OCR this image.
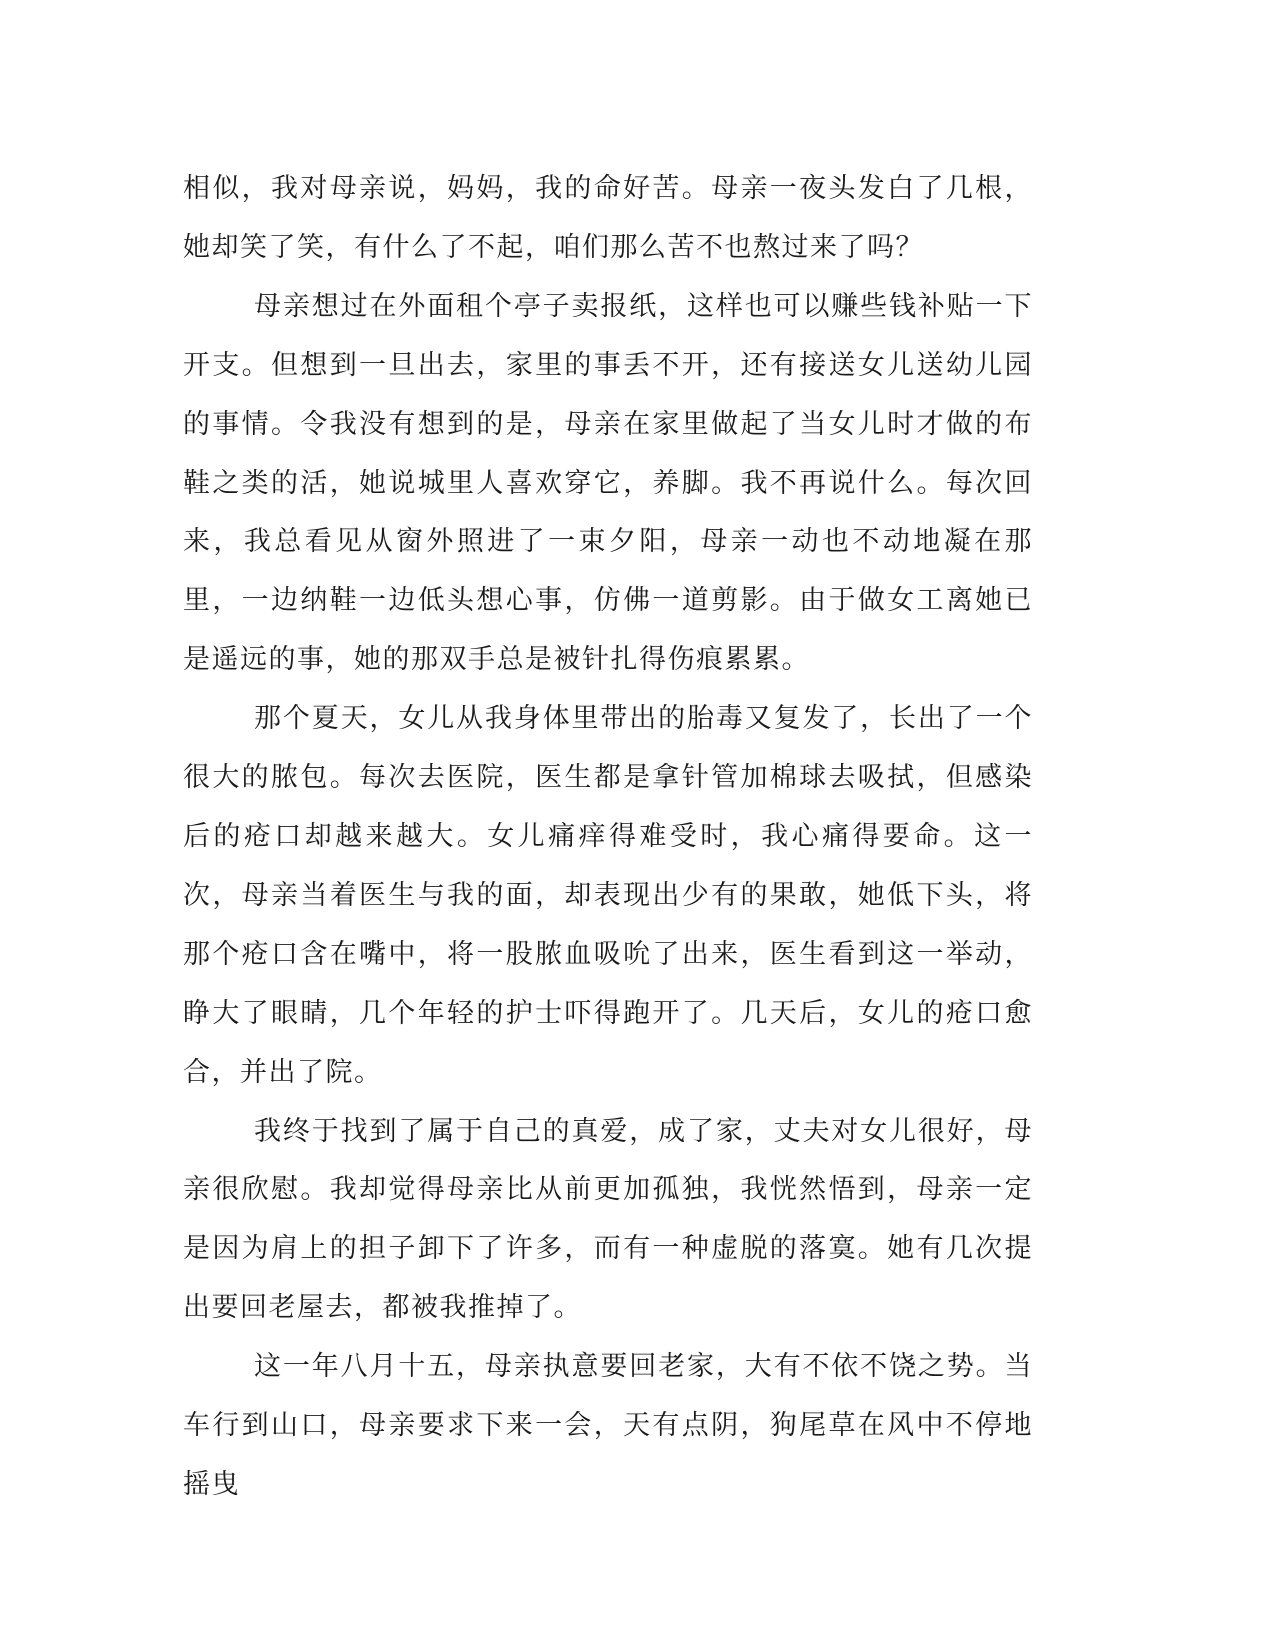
相似，我对母亲说，妈妈，我的命好苦。母亲一夜头发白了几根，她却笑了笑，有什么了不起，咱们那么苦不也熬过来了吗？

母亲想过在外面租个亭子卖报纸，这样也可以赚些钱补贴一下开支。但想到一旦出去，家里的事丢不开，还有接送女儿送幼儿园的事情。令我没有想到的是，母亲在家里做起了当女儿时才做的布鞋之类的活，她说城里人喜欢穿它，养脚。我不再说什么。每次回来，我总看见从窗外照进了一束夕阳，母亲一动也不动地凝在那里，一边纳鞋一边低头想心事，仿佛一道剪影。由于做女工离她已是遥远的事，她的那双手总是被针扎得伤痕累累。

那个夏天，女儿从我身体里带出的胎毒又复发了，长出了一个很大的脓包。每次去医院，医生都是拿针管加棉球去吸拭，但感染后的疮口却越来越大。女儿痛痒得难受时，我心痛得要命。这一次，母亲当着医生与我的面，却表现出少有的果敢，她低下头，将那个疮口含在嘴中，将一股脓血吸吮了出来，医生看到这一举动，睁大了眼睛，几个年轻的护士吓得跑开了。几天后，女儿的疮口愈合，并出了院。

我终于找到了属于自己的真爱，成了家，丈夫对女儿很好，母亲很欣慰。我却觉得母亲比从前更加孤独，我恍然悟到，母亲一定是因为肩上的担子卸下了许多，而有一种虚脱的落寞。她有几次提出要回老屋去，都被我推掉了。

这一年八月十五，母亲执意要回老家，大有不依不饶之势。当车行到山口，母亲要求下来一会，天有点阴，狗尾草在风中不停地摇曳
